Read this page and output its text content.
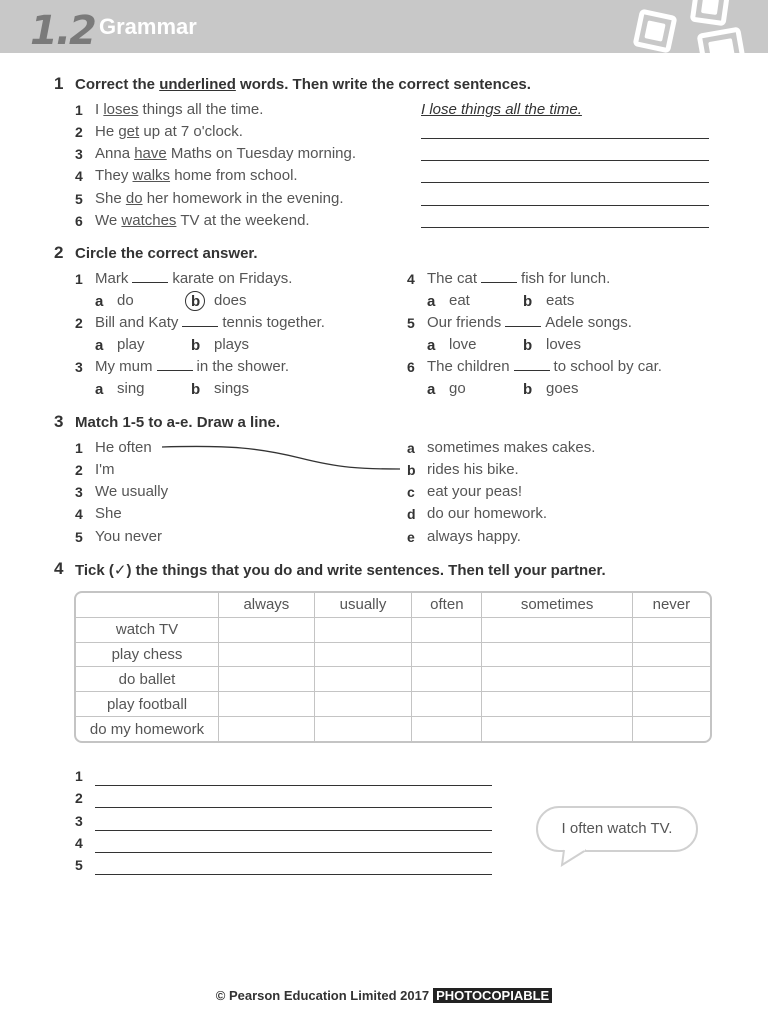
1.2 Grammar
1 Correct the underlined words. Then write the correct sentences.
1 I loses things all the time.
2 He get up at 7 o'clock.
3 Anna have Maths on Tuesday morning.
4 They walks home from school.
5 She do her homework in the evening.
6 We watches TV at the weekend.
I lose things all the time.
2 Circle the correct answer.
1 Mark	karate on Fridays.
a do	b does
2 Bill and Katy	tennis together.
a play	b plays
3 My mum	in the shower.
a sing	b sings
4 The cat	fish for lunch.
a eat	b eats
5 Our friends	Adele songs.
a love	b loves
6 The children	to school by car.
a go	b goes
3 Match 1-5 to a-e. Draw a line.
1 He often
2 I'm
3 We usually
4 She
5 You never
a sometimes makes cakes.
b rides his bike.
c eat your peas!
d do our homework.
e always happy.
4 Tick (✓) the things that you do and write sentences. Then tell your partner.
	always	usually	often	sometimes	never
watch TV					
play chess					
do ballet					
play football					
do my homework					
1
2
3
4
5
I often watch TV.
© Pearson Education Limited 2017 PHOTOCOPIABLE
